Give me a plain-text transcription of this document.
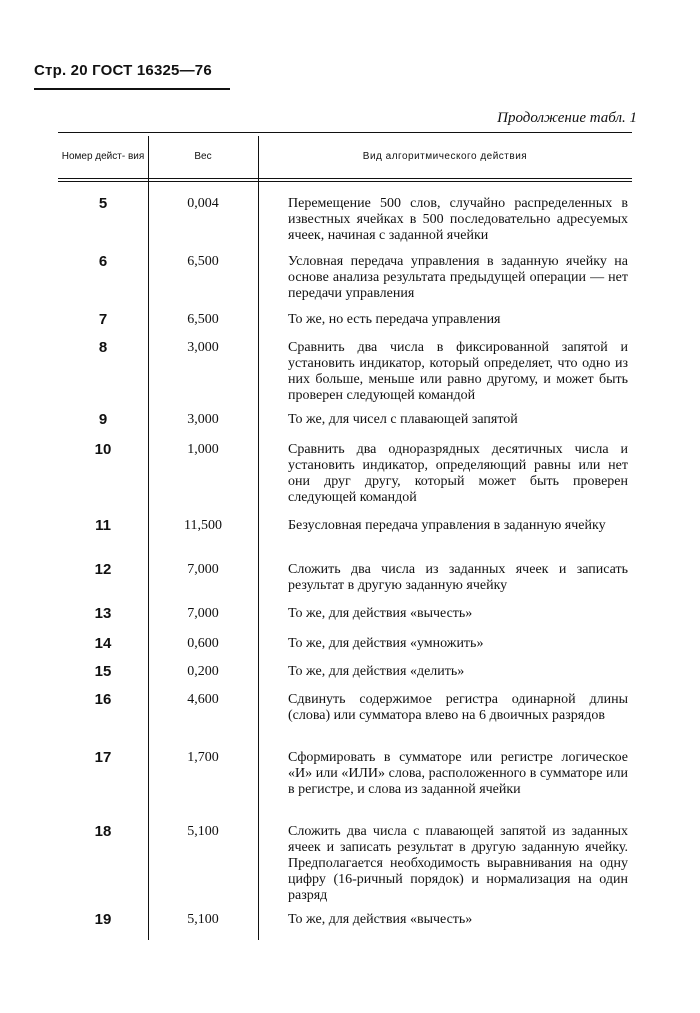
Стр. 20 ГОСТ 16325—76
Продолжение табл. 1
Номер дейст- вия	Вес	Вид алгоритмического действия
5	0,004	Перемещение 500 слов, случайно распределенных в известных ячейках в 500 последовательно адресуемых ячеек, начиная с заданной ячейки
6	6,500	Условная передача управления в заданную ячейку на основе анализа результата предыдущей операции — нет передачи управления
7	6,500	То же, но есть передача управления
8	3,000	Сравнить два числа в фиксированной запятой и установить индикатор, который определяет, что одно из них больше, меньше или равно другому, и может быть проверен следующей командой
9	3,000	То же, для чисел с плавающей запятой
10	1,000	Сравнить два одноразрядных десятичных числа и установить индикатор, определяющий равны или нет они друг другу, который может быть проверен следующей командой
11	11,500	Безусловная передача управления в заданную ячейку
12	7,000	Сложить два числа из заданных ячеек и записать результат в другую заданную ячейку
13	7,000	То же, для действия «вычесть»
14	0,600	То же, для действия «умножить»
15	0,200	То же, для действия «делить»
16	4,600	Сдвинуть содержимое регистра одинарной длины (слова) или сумматора влево на 6 двоичных разрядов
17	1,700	Сформировать в сумматоре или регистре логическое «И» или «ИЛИ» слова, расположенного в сумматоре или в регистре, и слова из заданной ячейки
18	5,100	Сложить два числа с плавающей запятой из заданных ячеек и записать результат в другую заданную ячейку. Предполагается необходимость выравнивания на одну цифру (16-ричный порядок) и нормализация на один разряд
19	5,100	То же, для действия «вычесть»
